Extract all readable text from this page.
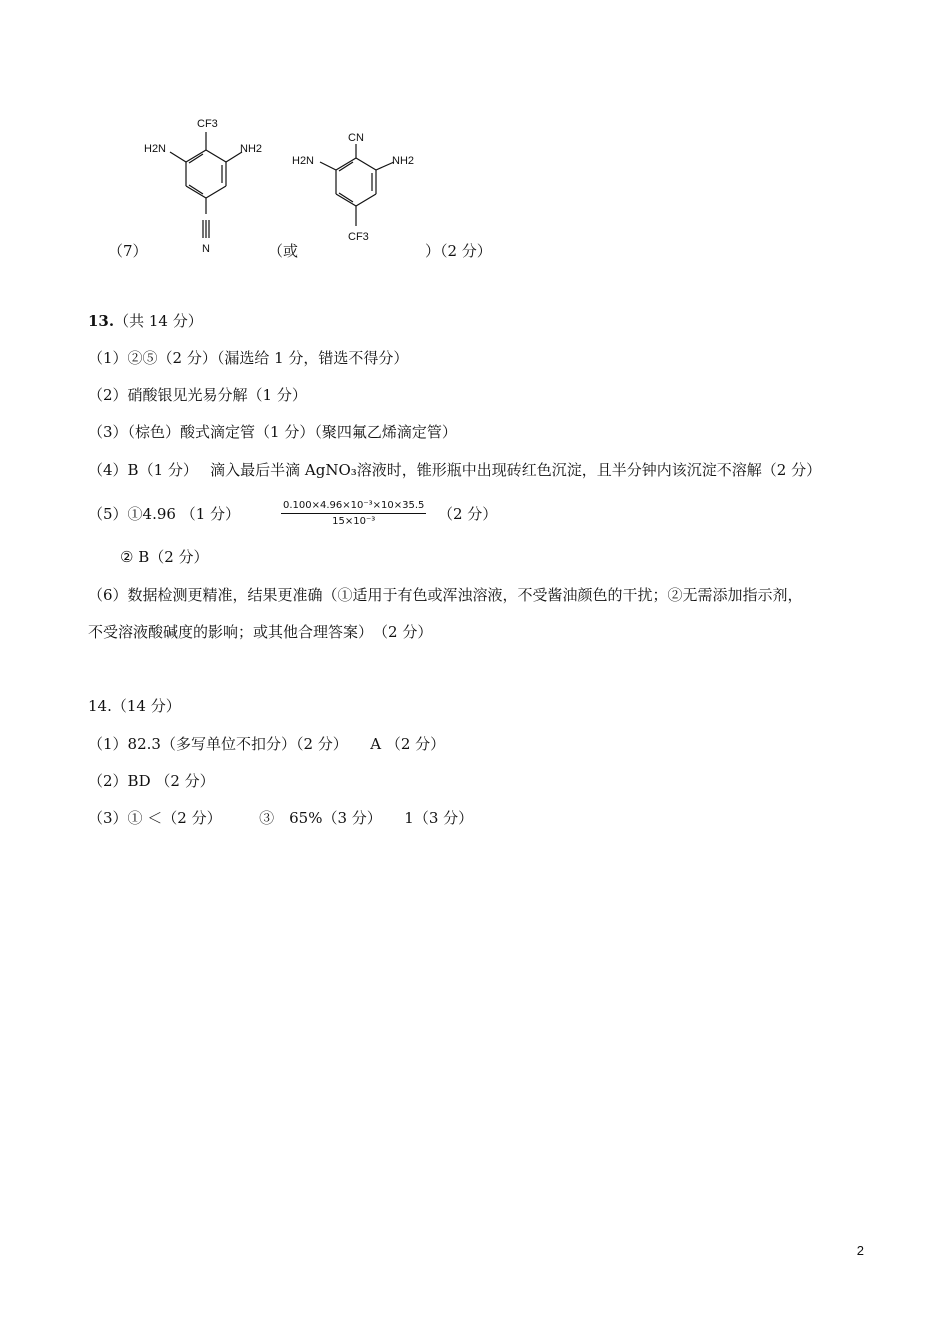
（7）
CF3
H2N	NH2
N	（或
CN
H2N	NH2
CF3
）（2 分）
13.（共 14 分）
（1）②⑤（2 分）（漏选给 1 分，错选不得分）
（2）硝酸银见光易分解（1 分）
（3）（棕色）酸式滴定管（1 分）（聚四氟乙烯滴定管）
（4）B（1 分）　 滴入最后半滴 AgNO₃溶液时，锥形瓶中出现砖红色沉淀，且半分钟内该沉淀不溶解（2 分）
（5）①4.96 （1 分）	$\frac{\text{0.100×4.96×10⁻³×10×35.5}}{\text{15×10⁻³}} (2$ 分）
② B（2 分）
（6）数据检测更精准，结果更准确（①适用于有色或浑浊溶液，不受酱油颜色的干扰；②无需添加指示剂，
不受溶液酸碱度的影响；或其他合理答案）　（2 分）
14.（14 分）
（1）82.3（多写单位不扣分）（2 分）　　A （2 分）
（2）BD （2 分）
（3）① ＜（2 分）　　　③　65%（3 分）　　1（3 分）
2
